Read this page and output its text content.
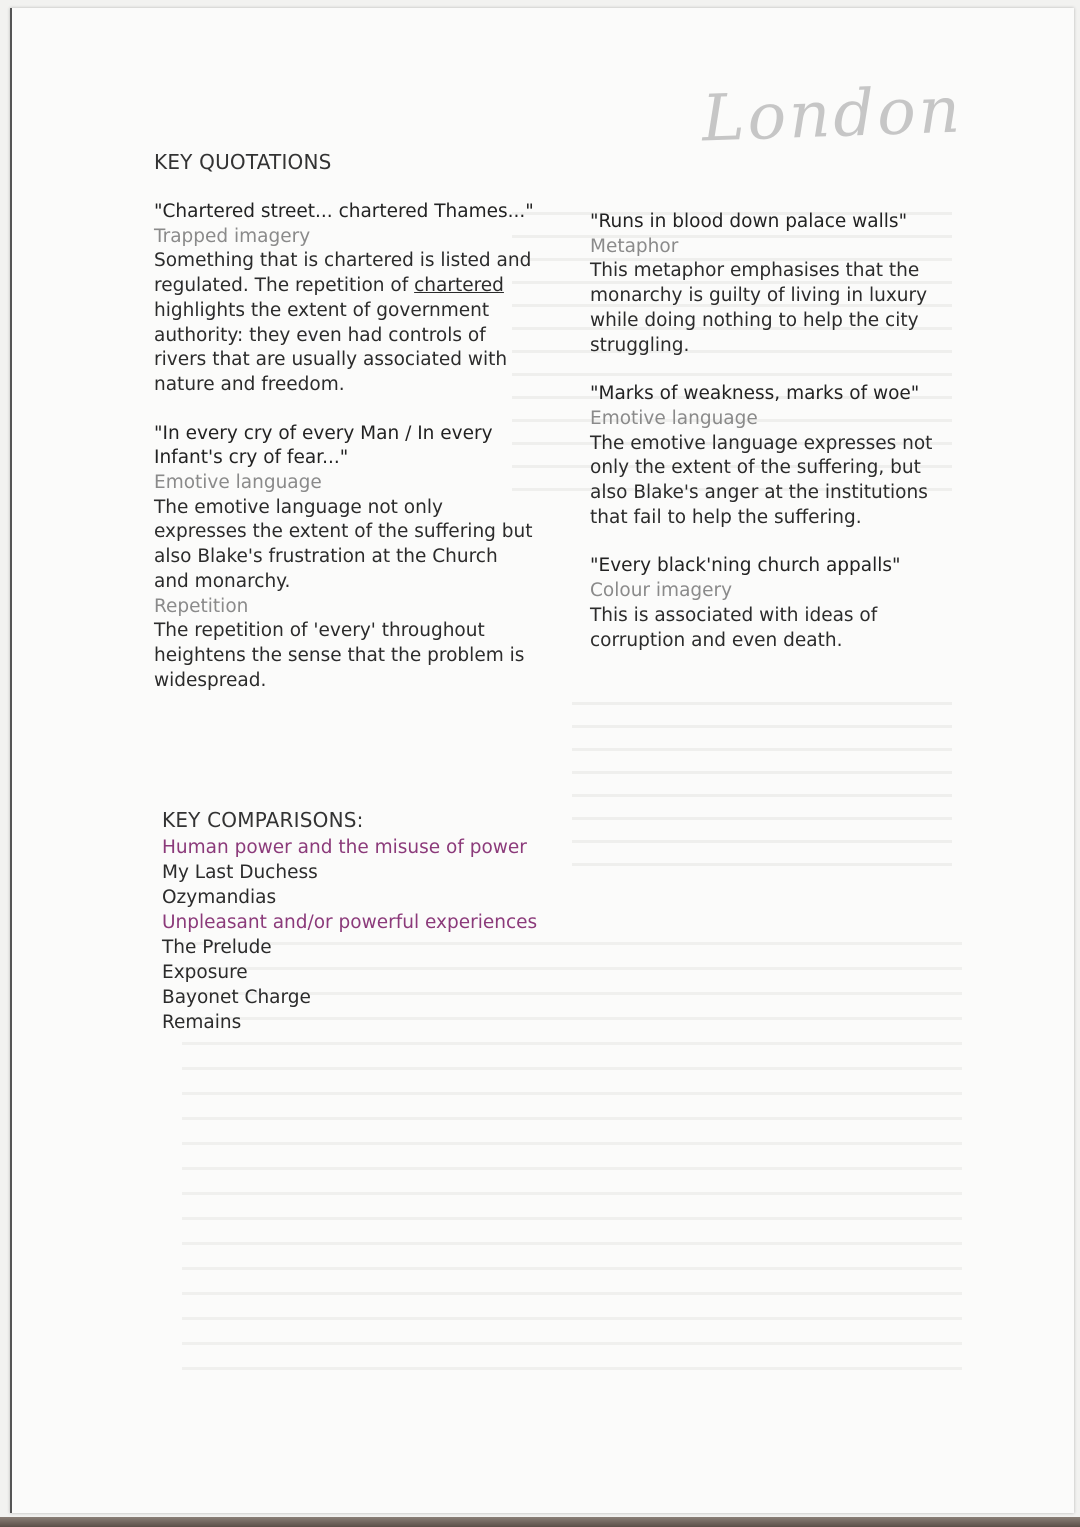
London
KEY QUOTATIONS
"Chartered street... chartered Thames..."
Trapped imagery
Something that is chartered is listed and regulated. The repetition of chartered highlights the extent of government authority: they even had controls of rivers that are usually associated with nature and freedom.
"In every cry of every Man / In every Infant's cry of fear..."
Emotive language
The emotive language not only expresses the extent of the suffering but also Blake's frustration at the Church and monarchy.
Repetition
The repetition of 'every' throughout heightens the sense that the problem is widespread.
"Runs in blood down palace walls"
Metaphor
This metaphor emphasises that the monarchy is guilty of living in luxury while doing nothing to help the city struggling.
"Marks of weakness, marks of woe"
Emotive language
The emotive language expresses not only the extent of the suffering, but also Blake's anger at the institutions that fail to help the suffering.
"Every black'ning church appalls"
Colour imagery
This is associated with ideas of corruption and even death.
KEY COMPARISONS:
Human power and the misuse of power
My Last Duchess
Ozymandias
Unpleasant and/or powerful experiences
The Prelude
Exposure
Bayonet Charge
Remains
